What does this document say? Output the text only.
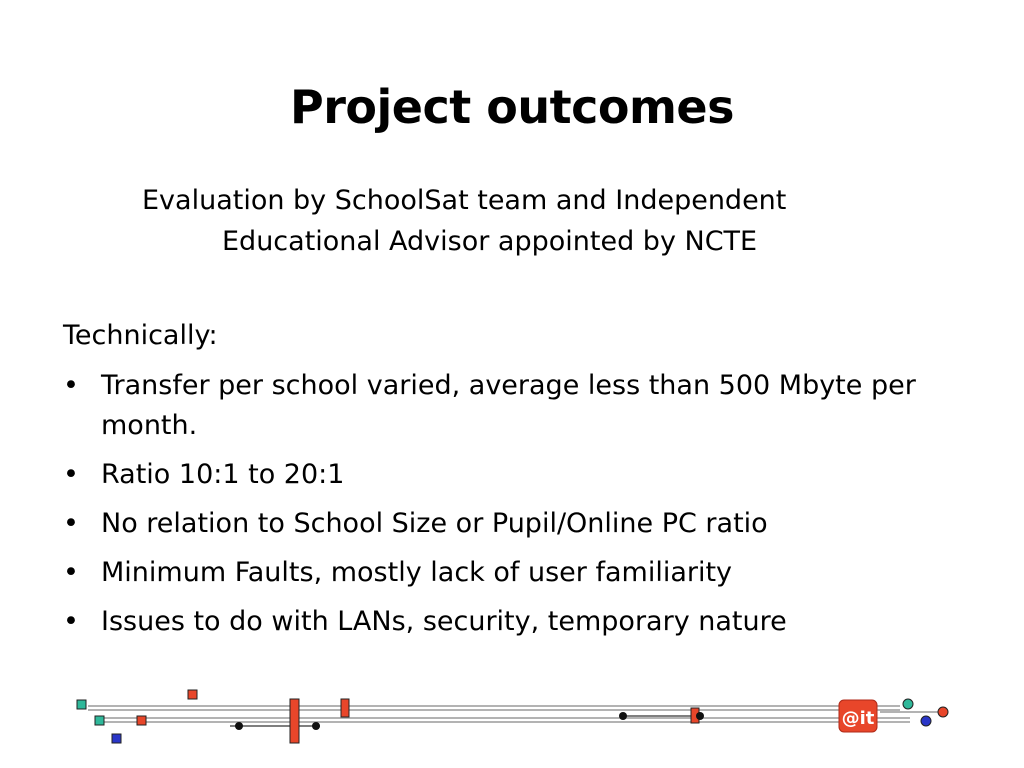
Project outcomes
Evaluation by SchoolSat team and Independent
Educational Advisor appointed by NCTE
Technically:
• Transfer per school varied, average less than 500 Mbyte per month.
• Ratio 10:1 to 20:1
• No relation to School Size or Pupil/Online PC ratio
• Minimum Faults, mostly lack of user familiarity
• Issues to do with LANs, security, temporary nature
@it
